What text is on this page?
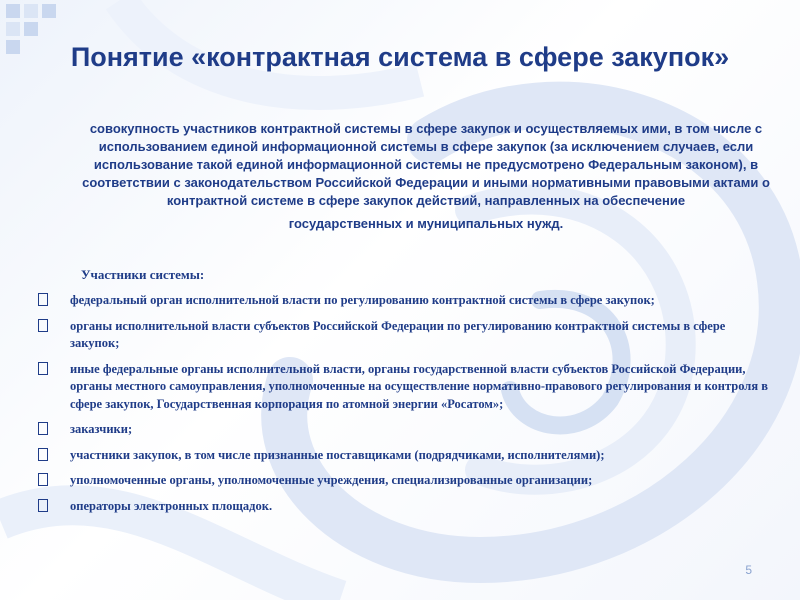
Понятие «контрактная система в сфере закупок»
совокупность участников контрактной системы в сфере закупок и осуществляемых ими, в том числе с использованием единой информационной системы в сфере закупок (за исключением случаев, если использование такой единой информационной системы не предусмотрено Федеральным законом), в соответствии с законодательством Российской Федерации и иными нормативными правовыми актами о контрактной системе в сфере закупок действий, направленных на обеспечение
государственных и муниципальных нужд.
Участники системы:
федеральный орган исполнительной власти по регулированию контрактной системы в сфере закупок;
органы исполнительной власти субъектов Российской Федерации по регулированию контрактной системы в сфере закупок;
иные федеральные органы исполнительной власти, органы государственной власти субъектов Российской Федерации, органы местного самоуправления, уполномоченные на осуществление нормативно-правового регулирования и контроля в сфере закупок, Государственная корпорация по атомной энергии «Росатом»;
заказчики;
участники закупок, в том числе признанные поставщиками (подрядчиками, исполнителями);
уполномоченные органы, уполномоченные учреждения, специализированные организации;
операторы электронных площадок.
5
